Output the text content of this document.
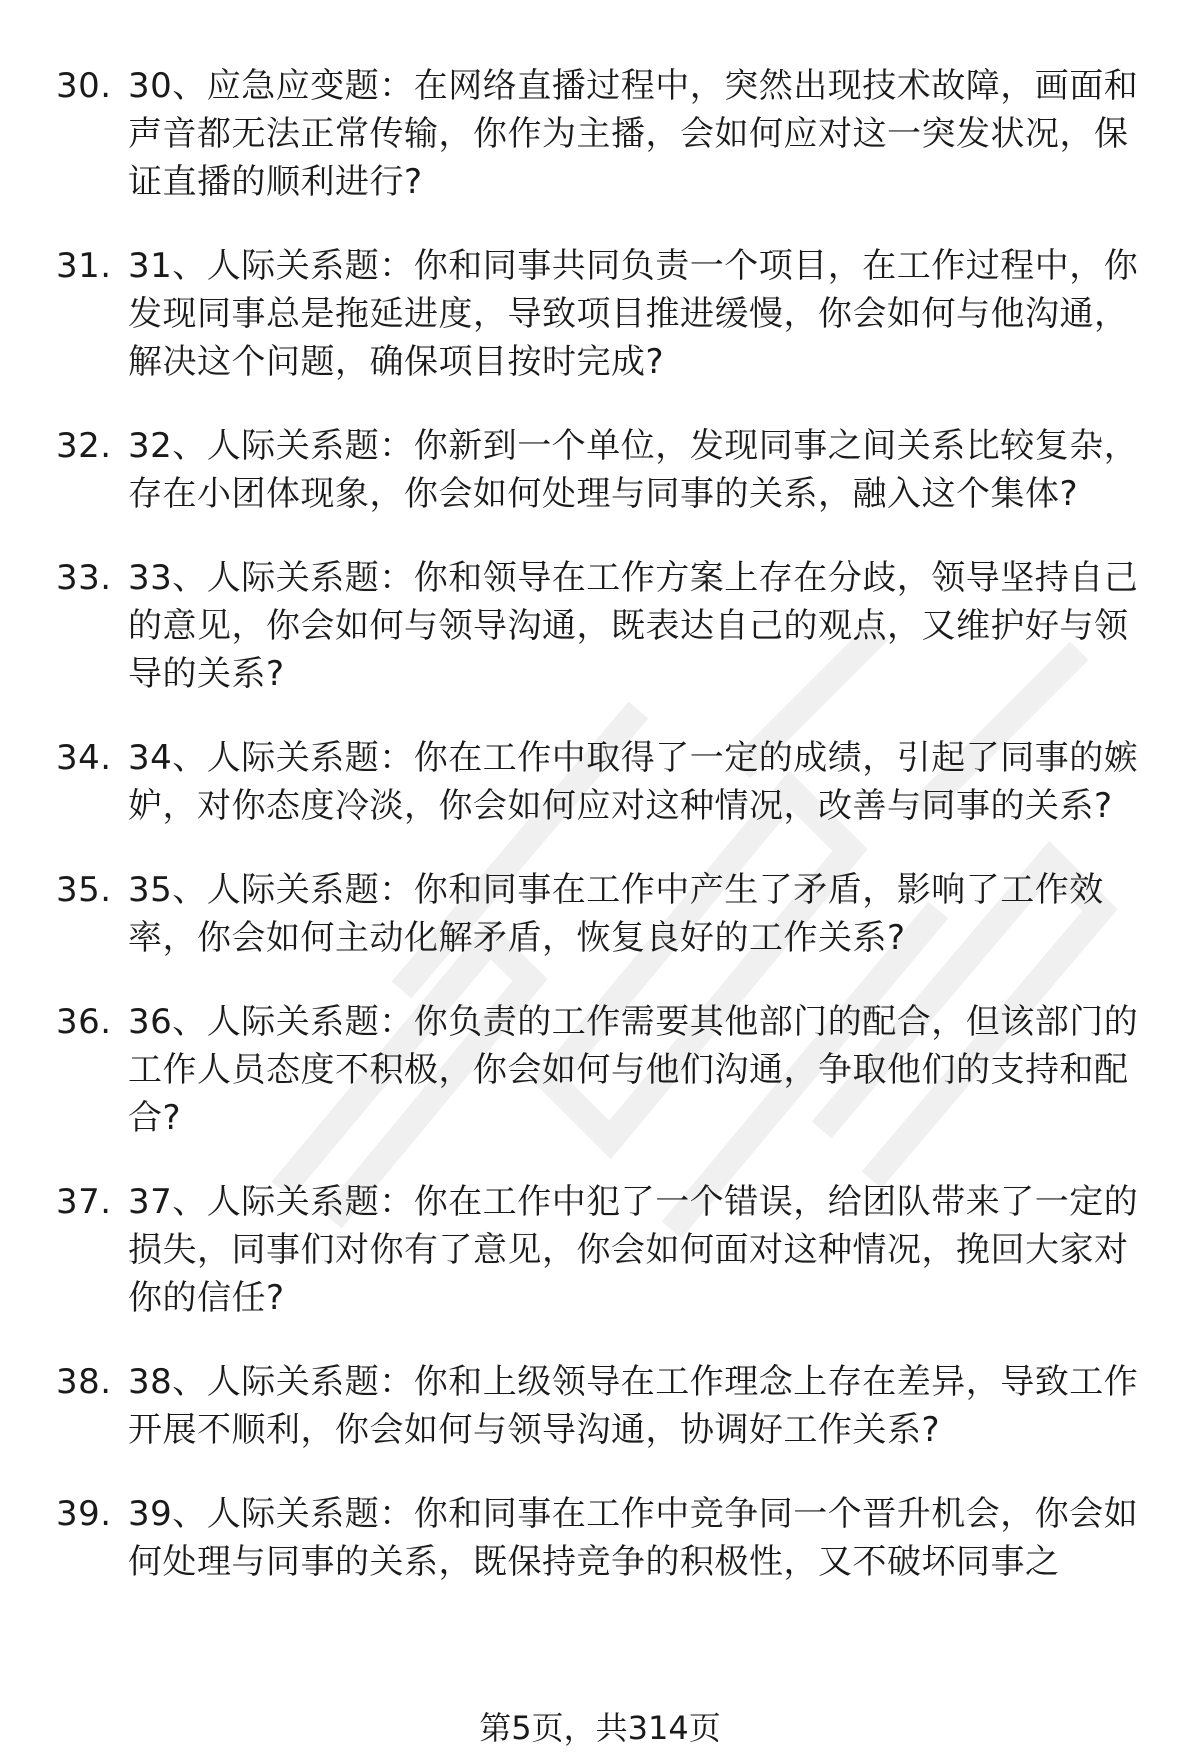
30. 30、应急应变题：在网络直播过程中，突然出现技术故障，画面和声音都无法正常传输，你作为主播，会如何应对这一突发状况，保证直播的顺利进行?
31. 31、人际关系题：你和同事共同负责一个项目，在工作过程中，你发现同事总是拖延进度，导致项目推进缓慢，你会如何与他沟通，解决这个问题，确保项目按时完成?
32. 32、人际关系题：你新到一个单位，发现同事之间关系比较复杂，存在小团体现象，你会如何处理与同事的关系，融入这个集体?
33. 33、人际关系题：你和领导在工作方案上存在分歧，领导坚持自己的意见，你会如何与领导沟通，既表达自己的观点，又维护好与领导的关系?
34. 34、人际关系题：你在工作中取得了一定的成绩，引起了同事的嫉妒，对你态度冷淡，你会如何应对这种情况，改善与同事的关系?
35. 35、人际关系题：你和同事在工作中产生了矛盾，影响了工作效率，你会如何主动化解矛盾，恢复良好的工作关系?
36. 36、人际关系题：你负责的工作需要其他部门的配合，但该部门的工作人员态度不积极，你会如何与他们沟通，争取他们的支持和配合?
37. 37、人际关系题：你在工作中犯了一个错误，给团队带来了一定的损失，同事们对你有了意见，你会如何面对这种情况，挽回大家对你的信任?
38. 38、人际关系题：你和上级领导在工作理念上存在差异，导致工作开展不顺利，你会如何与领导沟通，协调好工作关系?
39. 39、人际关系题：你和同事在工作中竞争同一个晋升机会，你会如何处理与同事的关系，既保持竞争的积极性，又不破坏同事之
第5页，共314页
